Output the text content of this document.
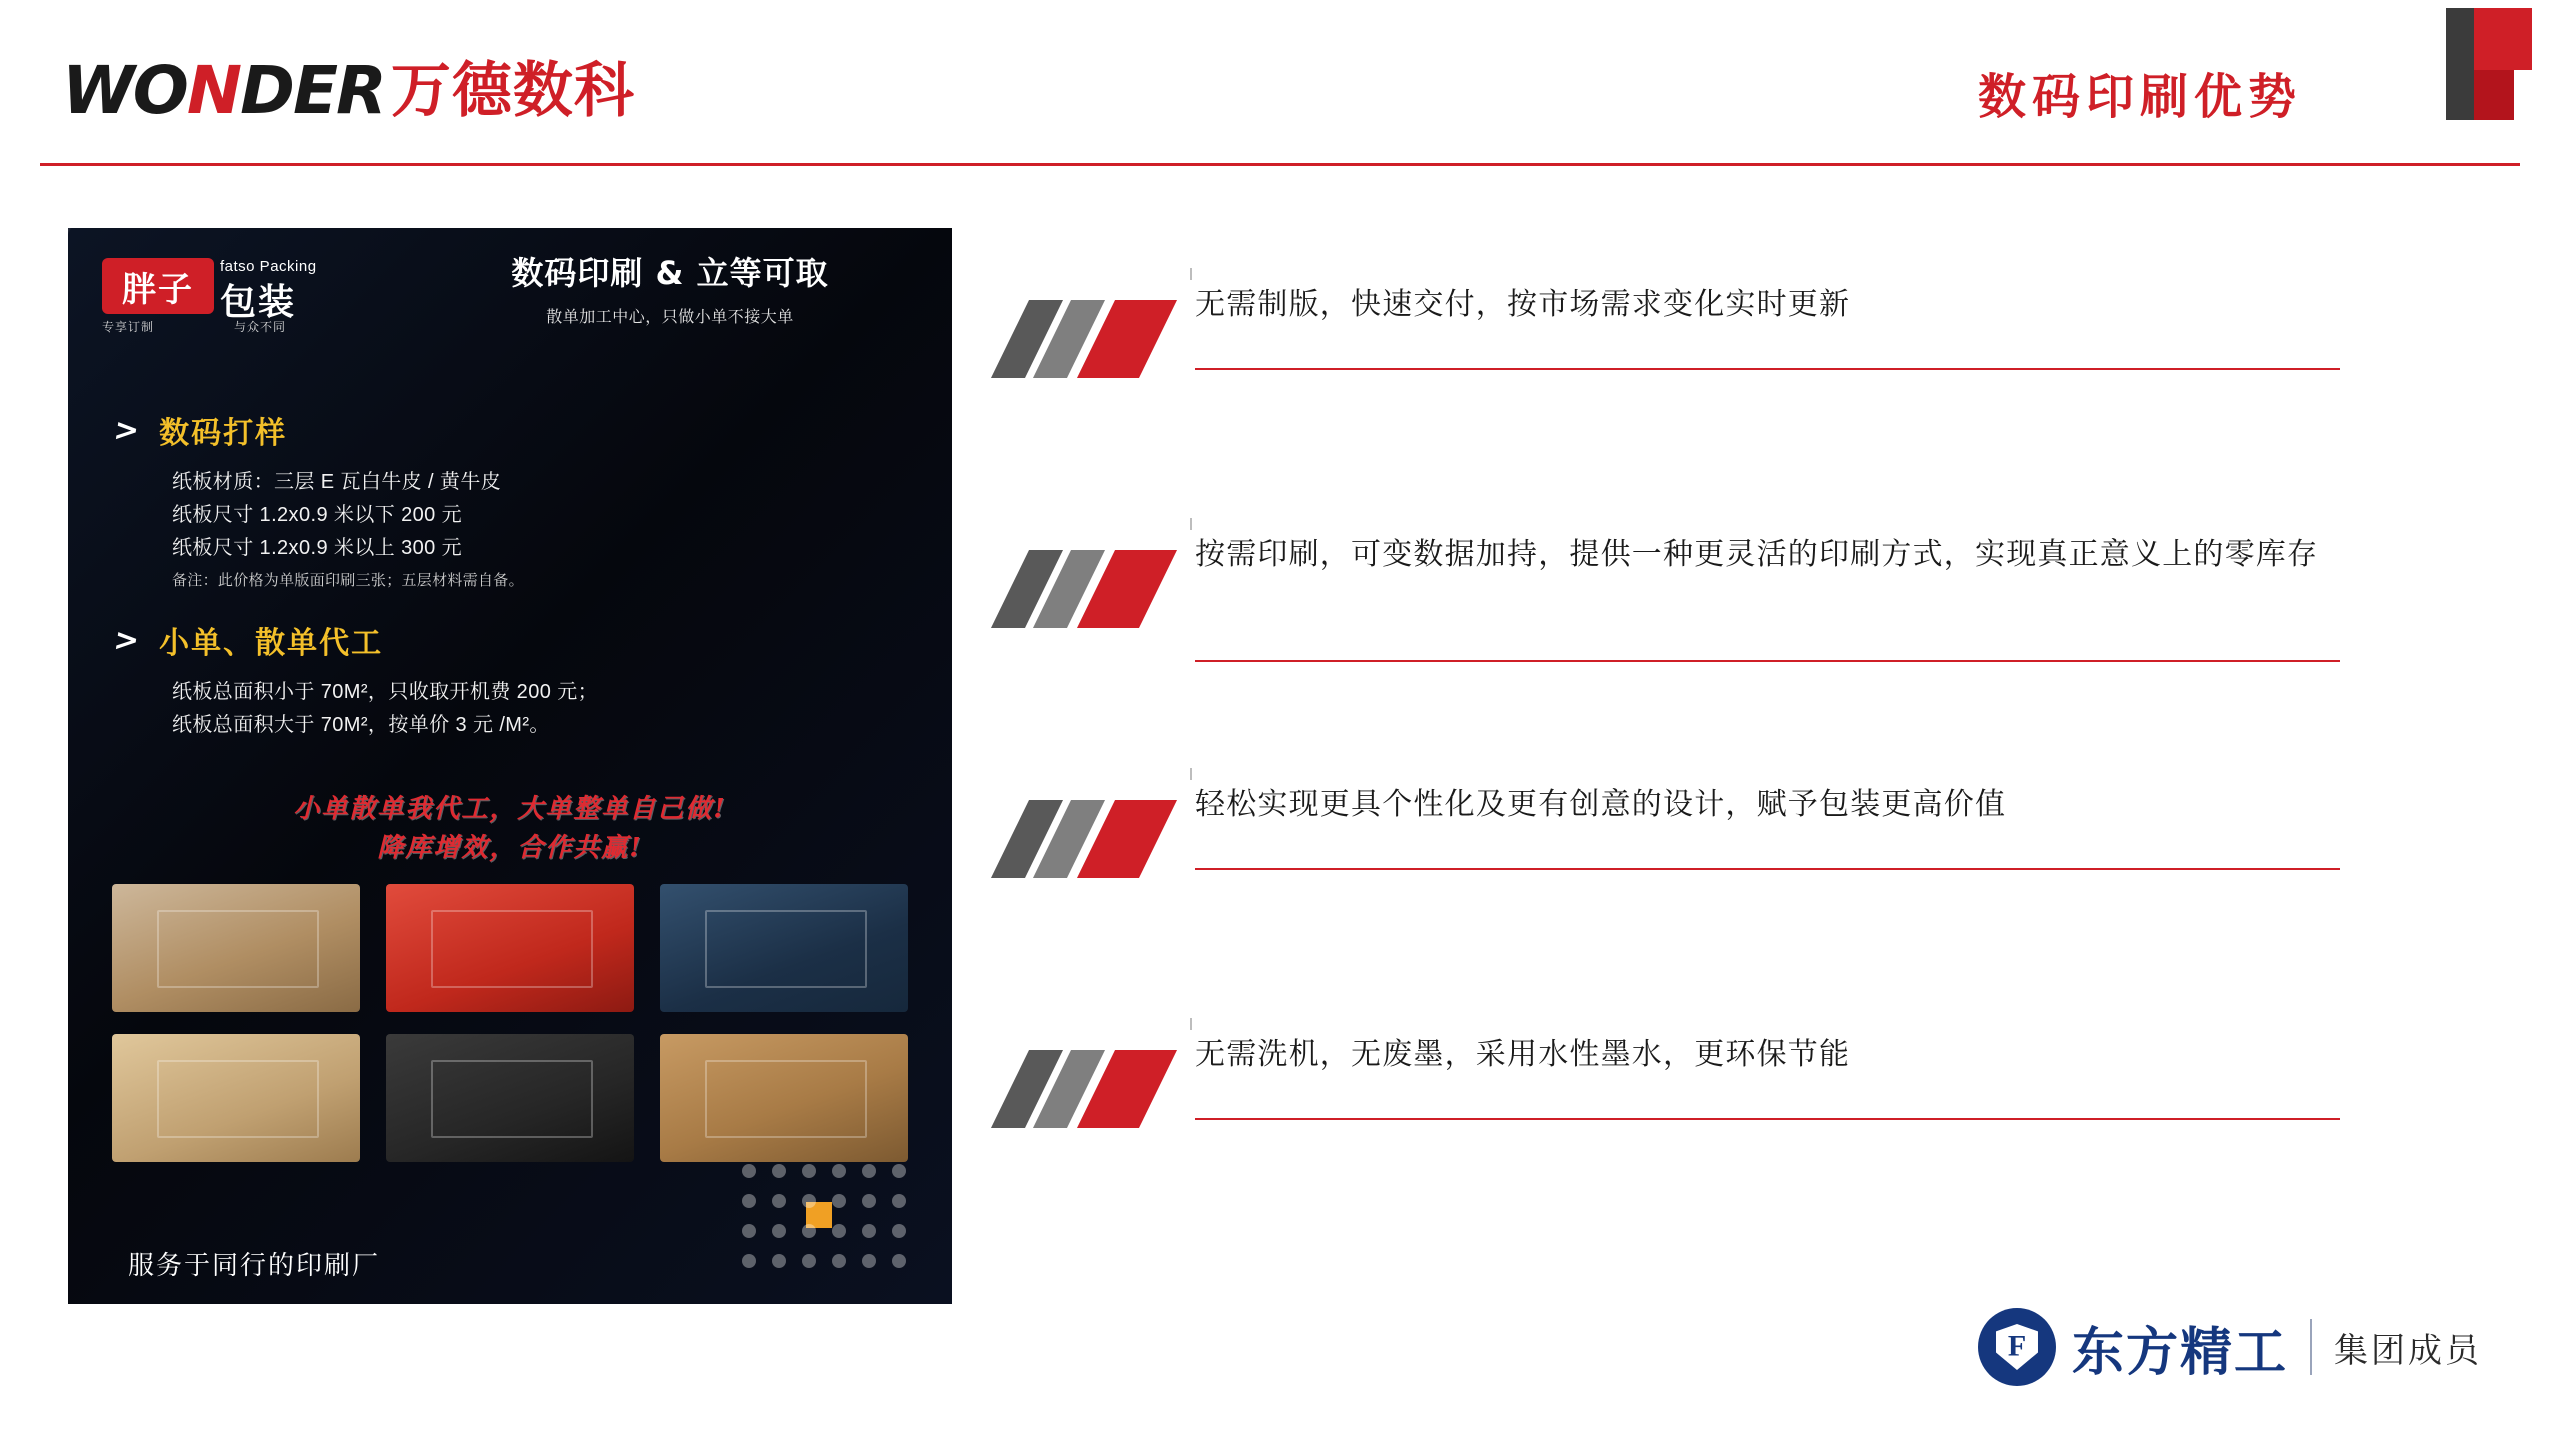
WONDER 万德数科	数码印刷优势
胖子
专享订制
fatso Packing
包装
与众不同
数码印刷 & 立等可取
散单加工中心，只做小单不接大单
> 数码打样
纸板材质：三层 E 瓦白牛皮 / 黄牛皮
纸板尺寸 1.2x0.9 米以下 200 元
纸板尺寸 1.2x0.9 米以上 300 元
备注：此价格为单版面印刷三张；五层材料需自备。
> 小单、散单代工
纸板总面积小于 70M²，只收取开机费 200 元；
纸板总面积大于 70M²，按单价 3 元 /M²。
小单散单我代工，大单整单自己做!
降库增效，合作共赢!
服务于同行的印刷厂
无需制版，快速交付，按市场需求变化实时更新
按需印刷，可变数据加持，提供一种更灵活的印刷方式，实现真正意义上的零库存
轻松实现更具个性化及更有创意的设计，赋予包装更高价值
无需洗机，无废墨，采用水性墨水，更环保节能
F
东方精工 集团成员
